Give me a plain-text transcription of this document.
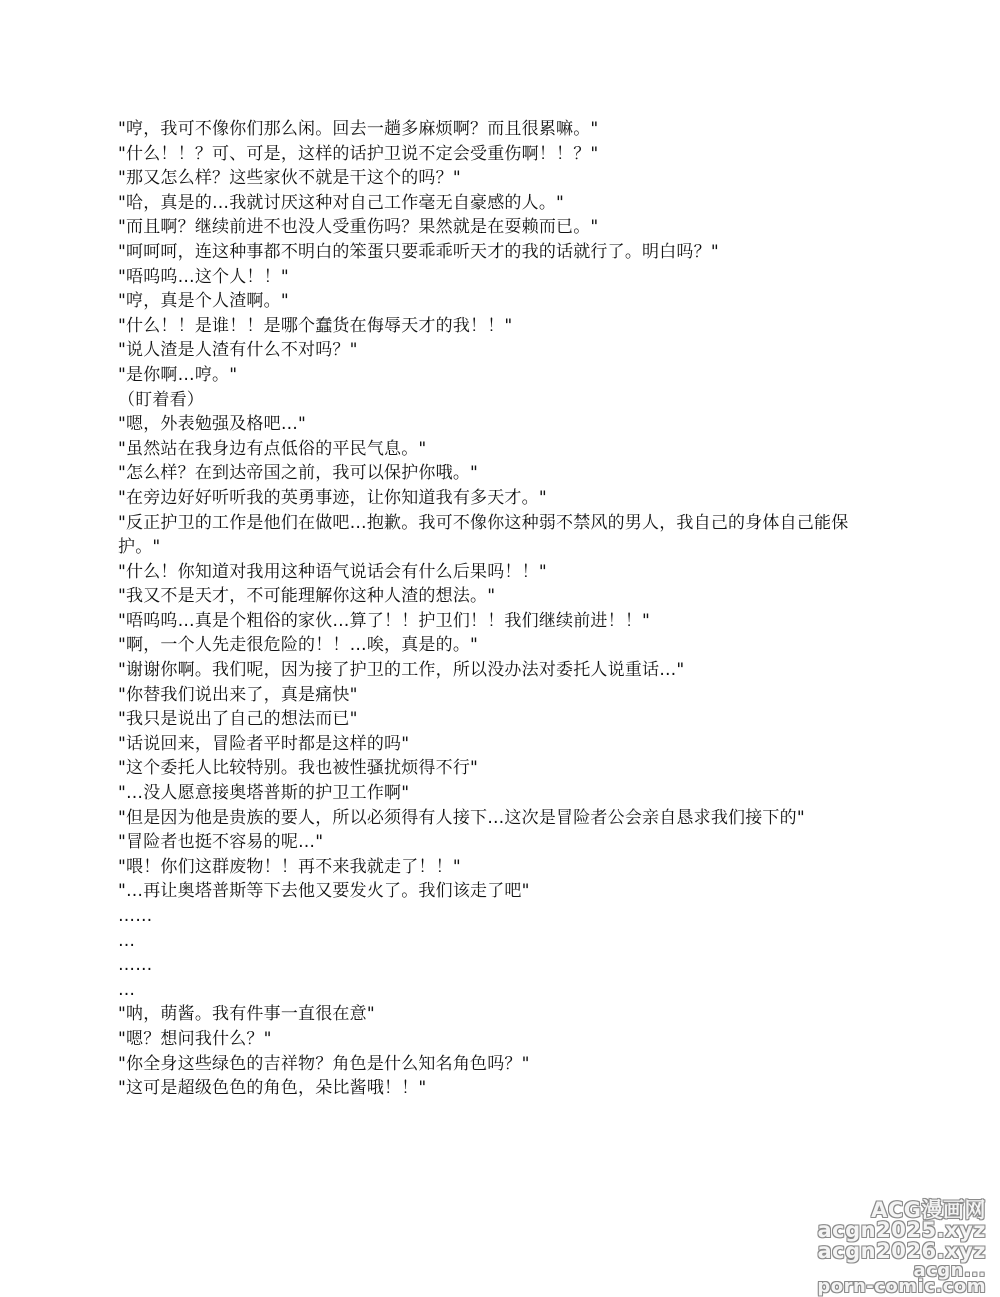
"哼，我可不像你们那么闲。回去一趟多麻烦啊？而且很累嘛。"
"什么！！？可、可是，这样的话护卫说不定会受重伤啊！！？"
"那又怎么样？这些家伙不就是干这个的吗？"
"哈，真是的…我就讨厌这种对自己工作毫无自豪感的人。"
"而且啊？继续前进不也没人受重伤吗？果然就是在耍赖而已。"
"呵呵呵，连这种事都不明白的笨蛋只要乖乖听天才的我的话就行了。明白吗？"
"唔呜呜…这个人！！"
"哼，真是个人渣啊。"
"什么！！是谁！！是哪个蠢货在侮辱天才的我！！"
"说人渣是人渣有什么不对吗？"
"是你啊…哼。"
（盯着看）
"嗯，外表勉强及格吧…"
"虽然站在我身边有点低俗的平民气息。"
"怎么样？在到达帝国之前，我可以保护你哦。"
"在旁边好好听听我的英勇事迹，让你知道我有多天才。"
"反正护卫的工作是他们在做吧…抱歉。我可不像你这种弱不禁风的男人，我自己的身体自己能保护。"
"什么！你知道对我用这种语气说话会有什么后果吗！！"
"我又不是天才，不可能理解你这种人渣的想法。"
"唔呜呜…真是个粗俗的家伙…算了！！护卫们！！我们继续前进！！"
"啊，一个人先走很危险的！！…唉，真是的。"
"谢谢你啊。我们呢，因为接了护卫的工作，所以没办法对委托人说重话…"
"你替我们说出来了，真是痛快"
"我只是说出了自己的想法而已"
"话说回来，冒险者平时都是这样的吗"
"这个委托人比较特别。我也被性骚扰烦得不行"
"…没人愿意接奥塔普斯的护卫工作啊"
"但是因为他是贵族的要人，所以必须得有人接下…这次是冒险者公会亲自恳求我们接下的"
"冒险者也挺不容易的呢…"
"喂！你们这群废物！！再不来我就走了！！"
"…再让奥塔普斯等下去他又要发火了。我们该走了吧"
……
…
……
…
"呐，萌酱。我有件事一直很在意"
"嗯？想问我什么？"
"你全身这些绿色的吉祥物？角色是什么知名角色吗？"
"这可是超级色色的角色，朵比酱哦！！"
ACG漫画网
acgn2025.xyz
acgn2026.xyz
acgn...
porn-comic.com
